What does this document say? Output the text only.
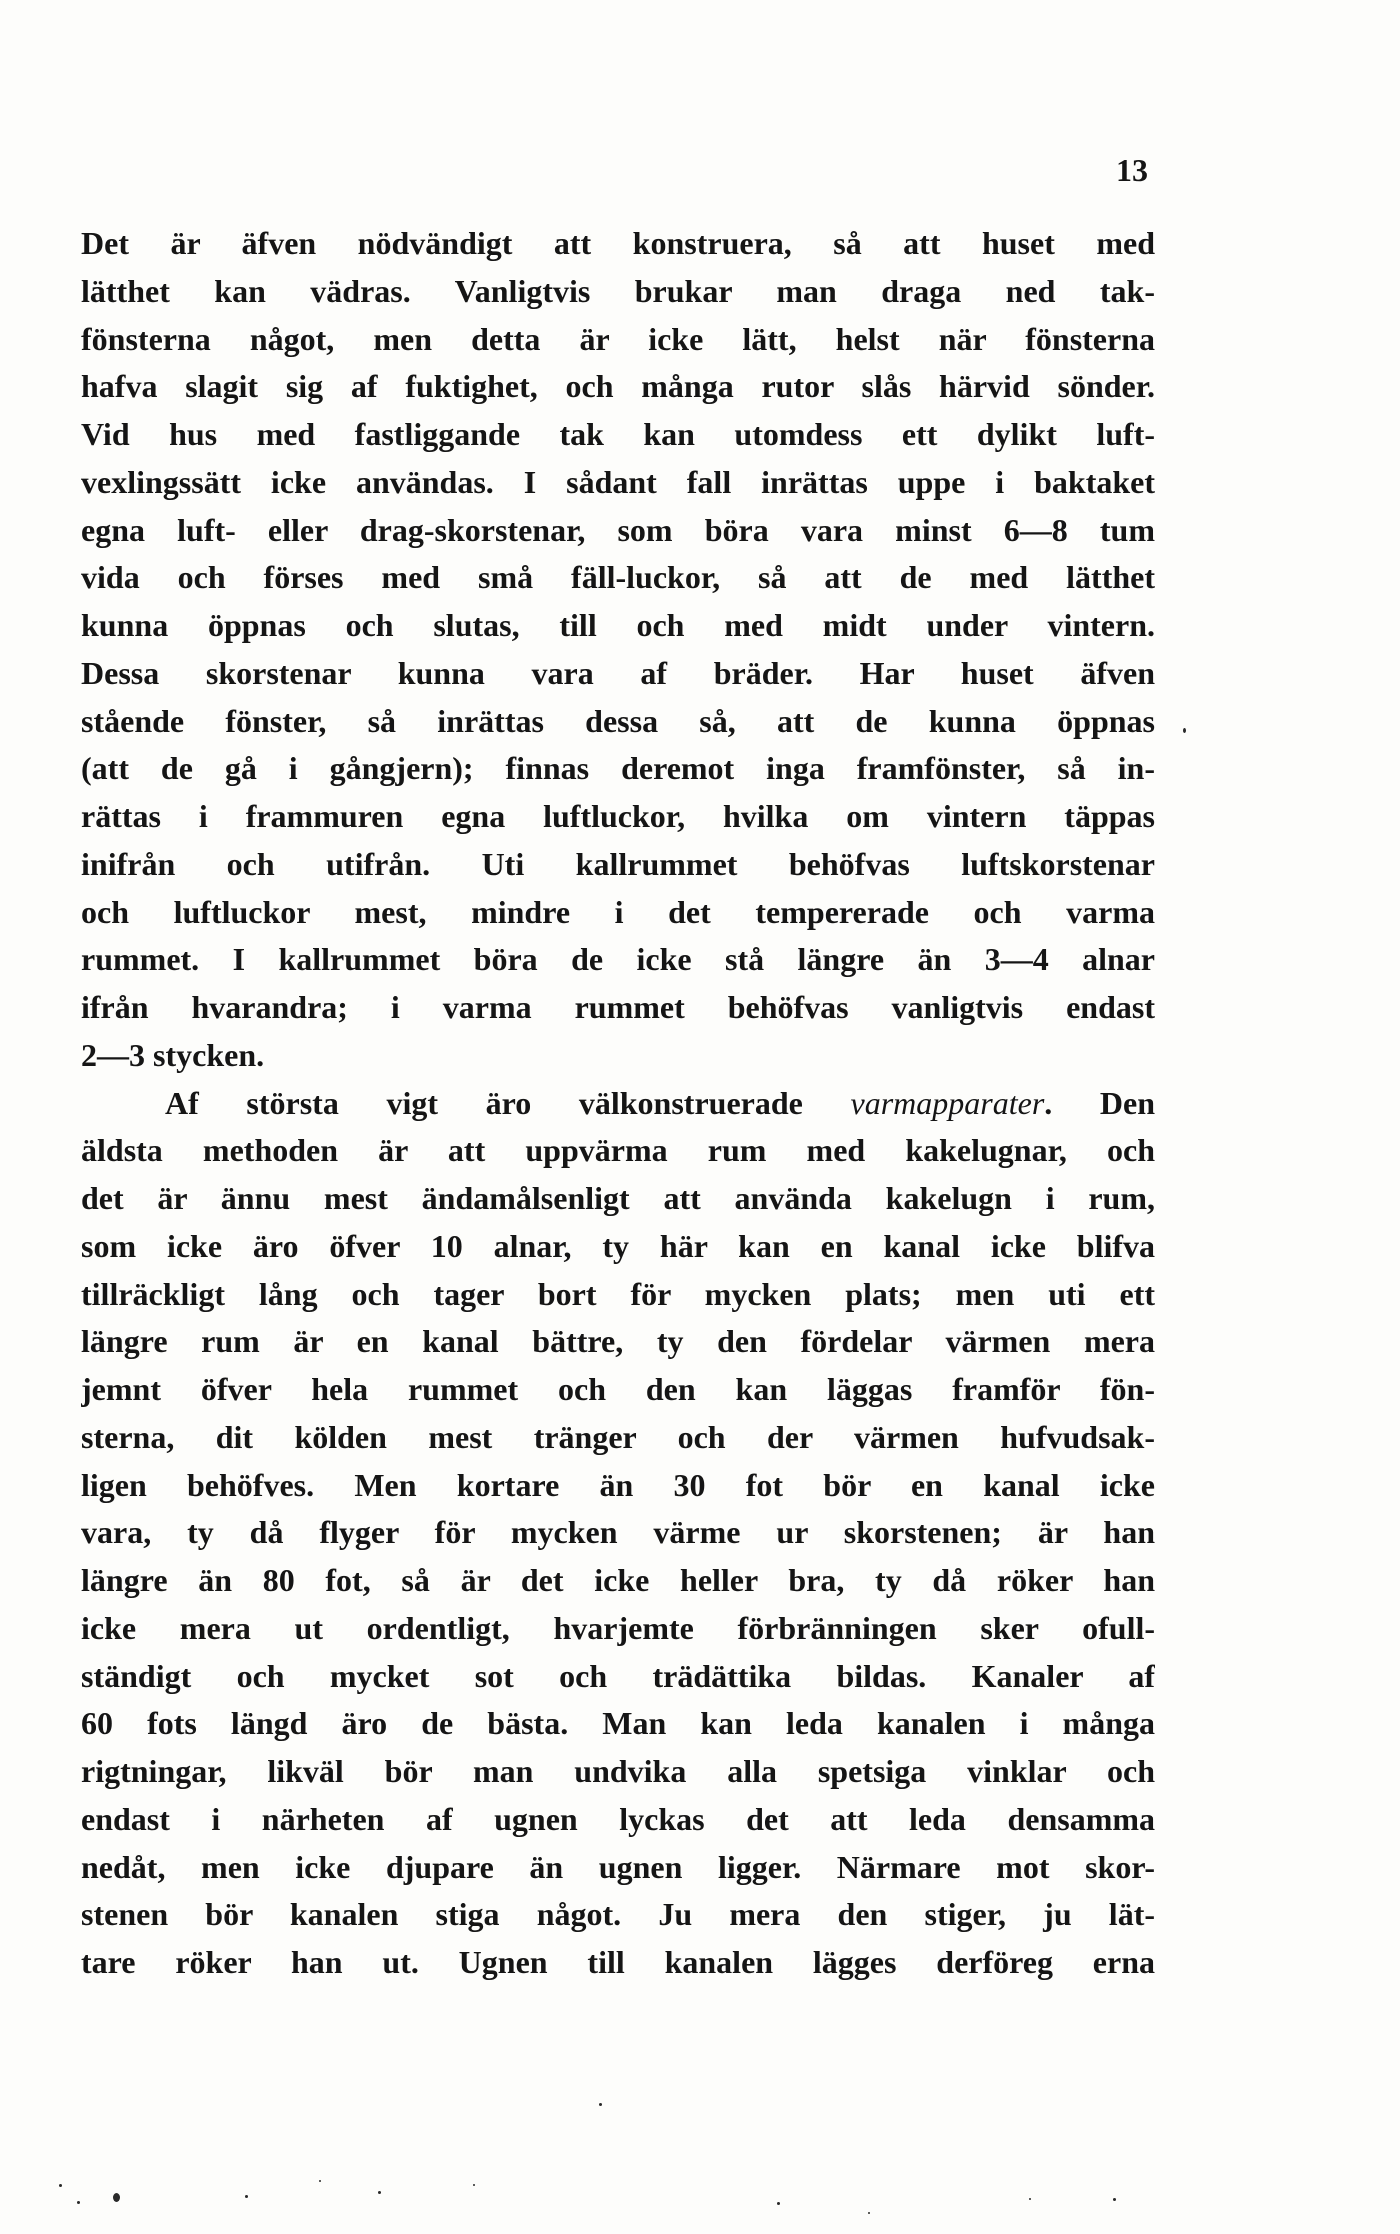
13
Det är äfven nödvändigt att konstruera, så att huset med
lätthet kan vädras. Vanligtvis brukar man draga ned tak-
fönsterna något, men detta är icke lätt, helst när fönsterna
hafva slagit sig af fuktighet, och många rutor slås härvid sönder.
Vid hus med fastliggande tak kan utomdess ett dylikt luft-
vexlingssätt icke användas. I sådant fall inrättas uppe i baktaket
egna luft- eller drag-skorstenar, som böra vara minst 6—8 tum
vida och förses med små fäll-luckor, så att de med lätthet
kunna öppnas och slutas, till och med midt under vintern.
Dessa skorstenar kunna vara af bräder. Har huset äfven
stående fönster, så inrättas dessa så, att de kunna öppnas
(att de gå i gångjern); finnas deremot inga framfönster, så in-
rättas i frammuren egna luftluckor, hvilka om vintern täppas
inifrån och utifrån. Uti kallrummet behöfvas luftskorstenar
och luftluckor mest, mindre i det tempererade och varma
rummet. I kallrummet böra de icke stå längre än 3—4 alnar
ifrån hvarandra; i varma rummet behöfvas vanligtvis endast
2—3 stycken.
Af största vigt äro välkonstruerade varmapparater. Den
äldsta methoden är att uppvärma rum med kakelugnar, och
det är ännu mest ändamålsenligt att använda kakelugn i rum,
som icke äro öfver 10 alnar, ty här kan en kanal icke blifva
tillräckligt lång och tager bort för mycken plats; men uti ett
längre rum är en kanal bättre, ty den fördelar värmen mera
jemnt öfver hela rummet och den kan läggas framför fön-
sterna, dit kölden mest tränger och der värmen hufvudsak-
ligen behöfves. Men kortare än 30 fot bör en kanal icke
vara, ty då flyger för mycken värme ur skorstenen; är han
längre än 80 fot, så är det icke heller bra, ty då röker han
icke mera ut ordentligt, hvarjemte förbränningen sker ofull-
ständigt och mycket sot och trädättika bildas. Kanaler af
60 fots längd äro de bästa. Man kan leda kanalen i många
rigtningar, likväl bör man undvika alla spetsiga vinklar och
endast i närheten af ugnen lyckas det att leda densamma
nedåt, men icke djupare än ugnen ligger. Närmare mot skor-
stenen bör kanalen stiga något. Ju mera den stiger, ju lät-
tare röker han ut. Ugnen till kanalen lägges derföreg erna
